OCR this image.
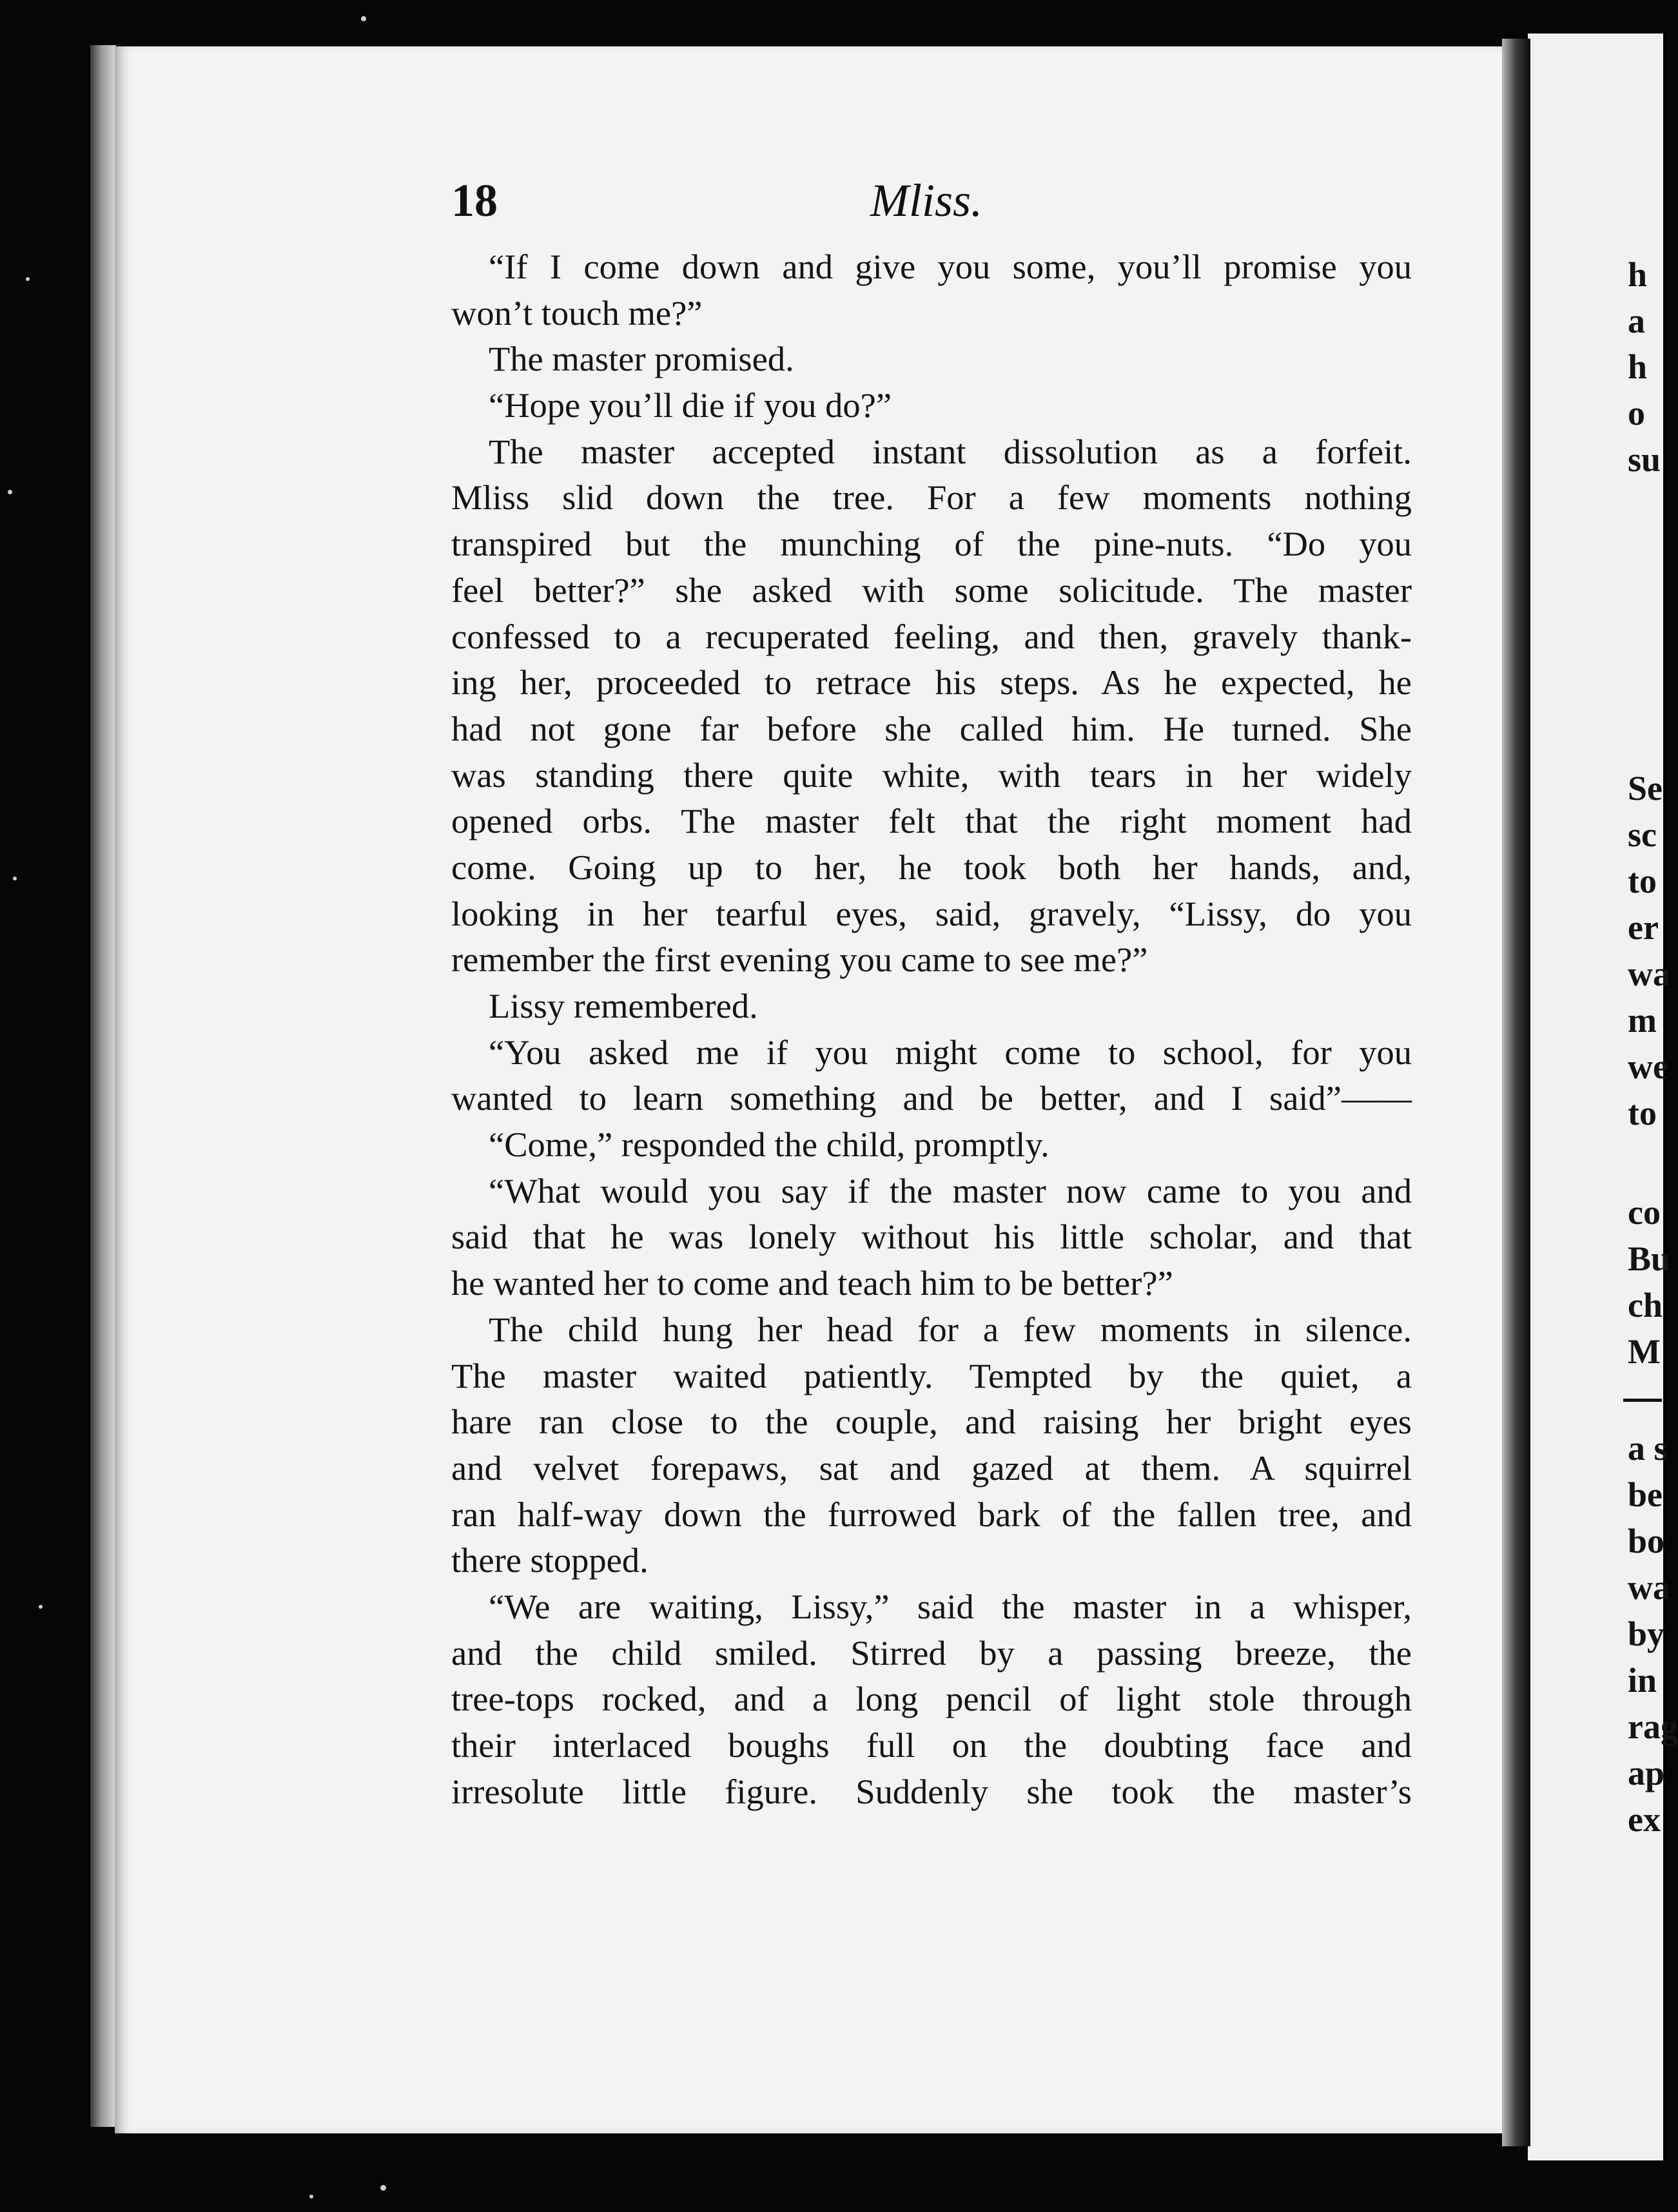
18	Mliss.
“If I come down and give you some, you’ll promise you
won’t touch me?”
The master promised.
“Hope you’ll die if you do?”
The master accepted instant dissolution as a forfeit.
Mliss slid down the tree. For a few moments nothing
transpired but the munching of the pine-nuts. “Do you
feel better?” she asked with some solicitude. The master
confessed to a recuperated feeling, and then, gravely thank-
ing her, proceeded to retrace his steps. As he expected, he
had not gone far before she called him. He turned. She
was standing there quite white, with tears in her widely
opened orbs. The master felt that the right moment had
come. Going up to her, he took both her hands, and,
looking in her tearful eyes, said, gravely, “Lissy, do you
remember the first evening you came to see me?”
Lissy remembered.
“You asked me if you might come to school, for you
wanted to learn something and be better, and I said”——
“Come,” responded the child, promptly.
“What would you say if the master now came to you and
said that he was lonely without his little scholar, and that
he wanted her to come and teach him to be better?”
The child hung her head for a few moments in silence.
The master waited patiently. Tempted by the quiet, a
hare ran close to the couple, and raising her bright eyes
and velvet forepaws, sat and gazed at them. A squirrel
ran half-way down the furrowed bark of the fallen tree, and
there stopped.
“We are waiting, Lissy,” said the master in a whisper,
and the child smiled. Stirred by a passing breeze, the
tree-tops rocked, and a long pencil of light stole through
their interlaced boughs full on the doubting face and
irresolute little figure. Suddenly she took the master’s
h
a
h
o
su
Se
sc
to
er
wa
m
we
to
co
Bu
ch
M
a s
be
bo
wa
by
in
rag
ap
ex
